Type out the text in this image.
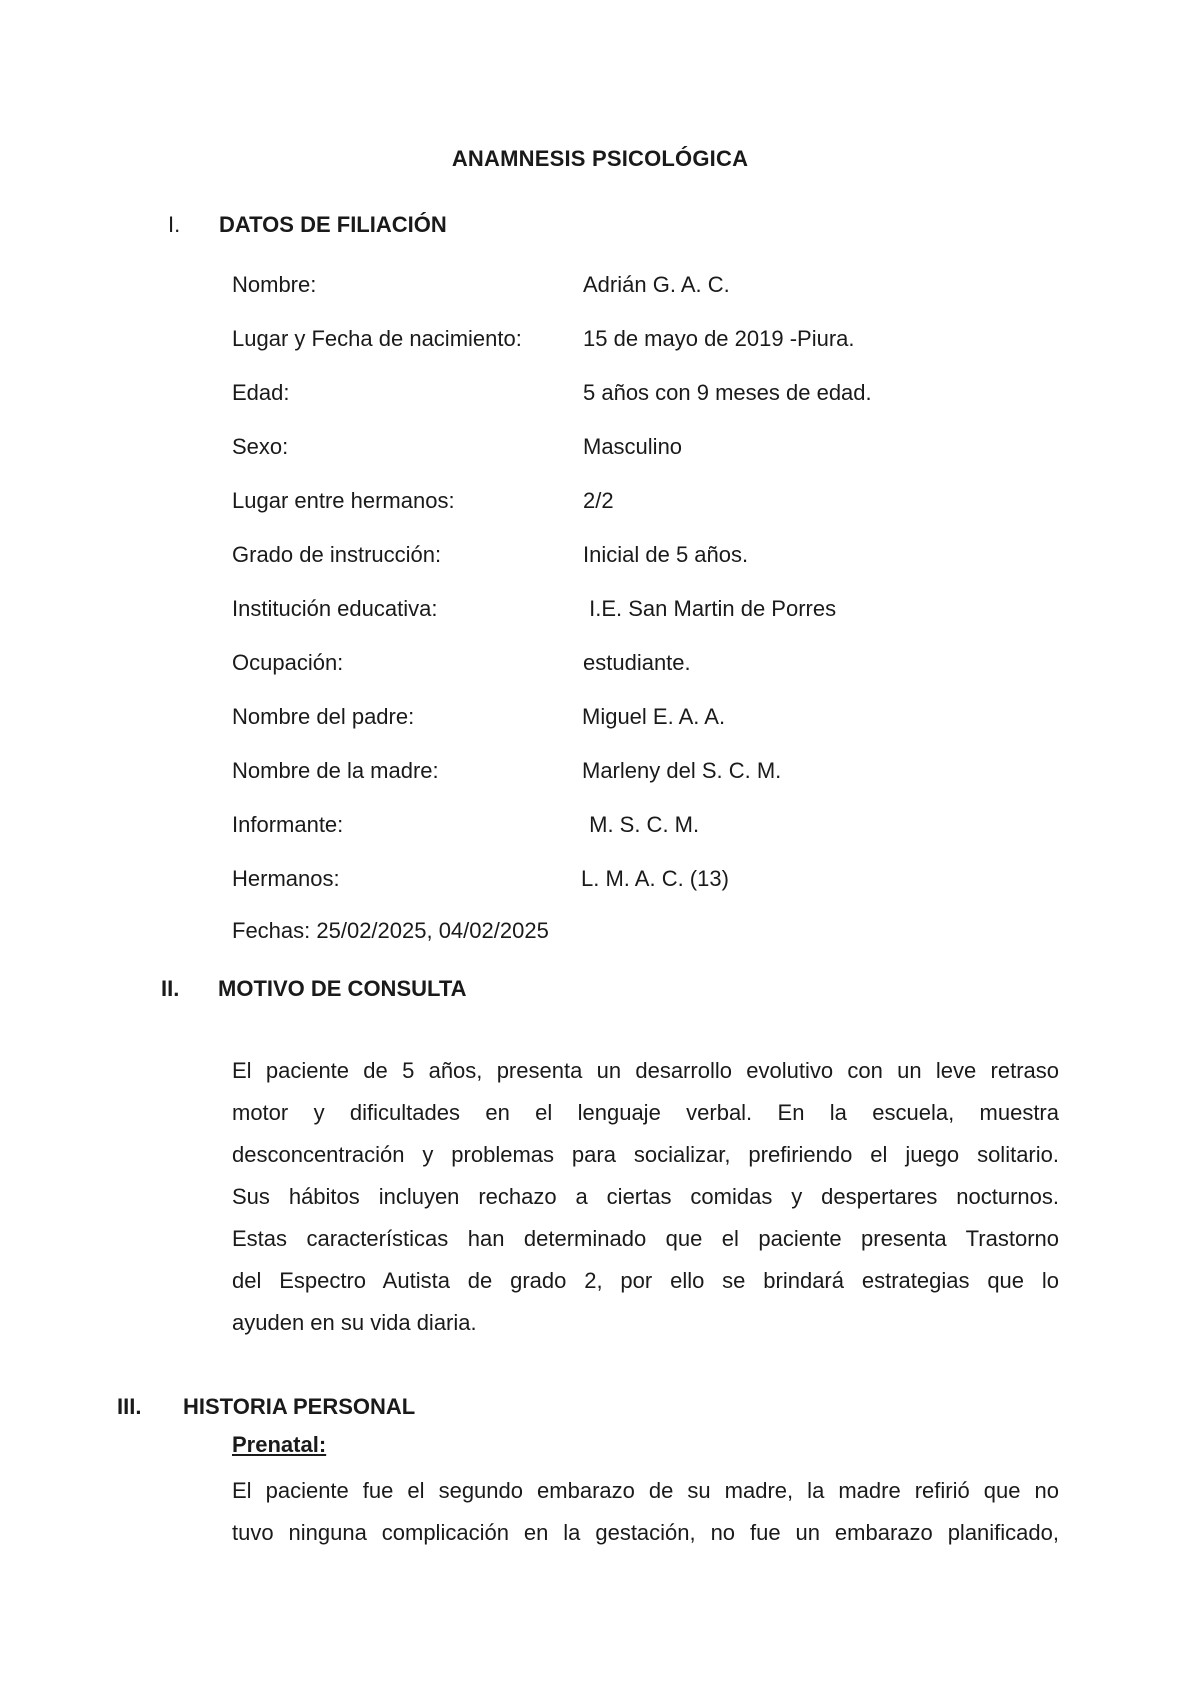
ANAMNESIS PSICOLÓGICA
I. DATOS DE FILIACIÓN
Nombre:	Adrián G. A. C.
Lugar y Fecha de nacimiento:	15 de mayo de 2019 -Piura.
Edad:	5 años con 9 meses de edad.
Sexo:	Masculino
Lugar entre hermanos:	2/2
Grado de instrucción:	Inicial de 5 años.
Institución educativa:	I.E. San Martin de Porres
Ocupación:	estudiante.
Nombre del padre:	Miguel E. A. A.
Nombre de la madre:	Marleny del S. C. M.
Informante:	M. S. C. M.
Hermanos:	L. M. A. C. (13)
Fechas: 25/02/2025, 04/02/2025
II. MOTIVO DE CONSULTA
El paciente de 5 años, presenta un desarrollo evolutivo con un leve retraso
motor y dificultades en el lenguaje verbal. En la escuela, muestra
desconcentración y problemas para socializar, prefiriendo el juego solitario.
Sus hábitos incluyen rechazo a ciertas comidas y despertares nocturnos.
Estas características han determinado que el paciente presenta Trastorno
del Espectro Autista de grado 2, por ello se brindará estrategias que lo
ayuden en su vida diaria.
III. HISTORIA PERSONAL
Prenatal:
El paciente fue el segundo embarazo de su madre, la madre refirió que no
tuvo ninguna complicación en la gestación, no fue un embarazo planificado,
